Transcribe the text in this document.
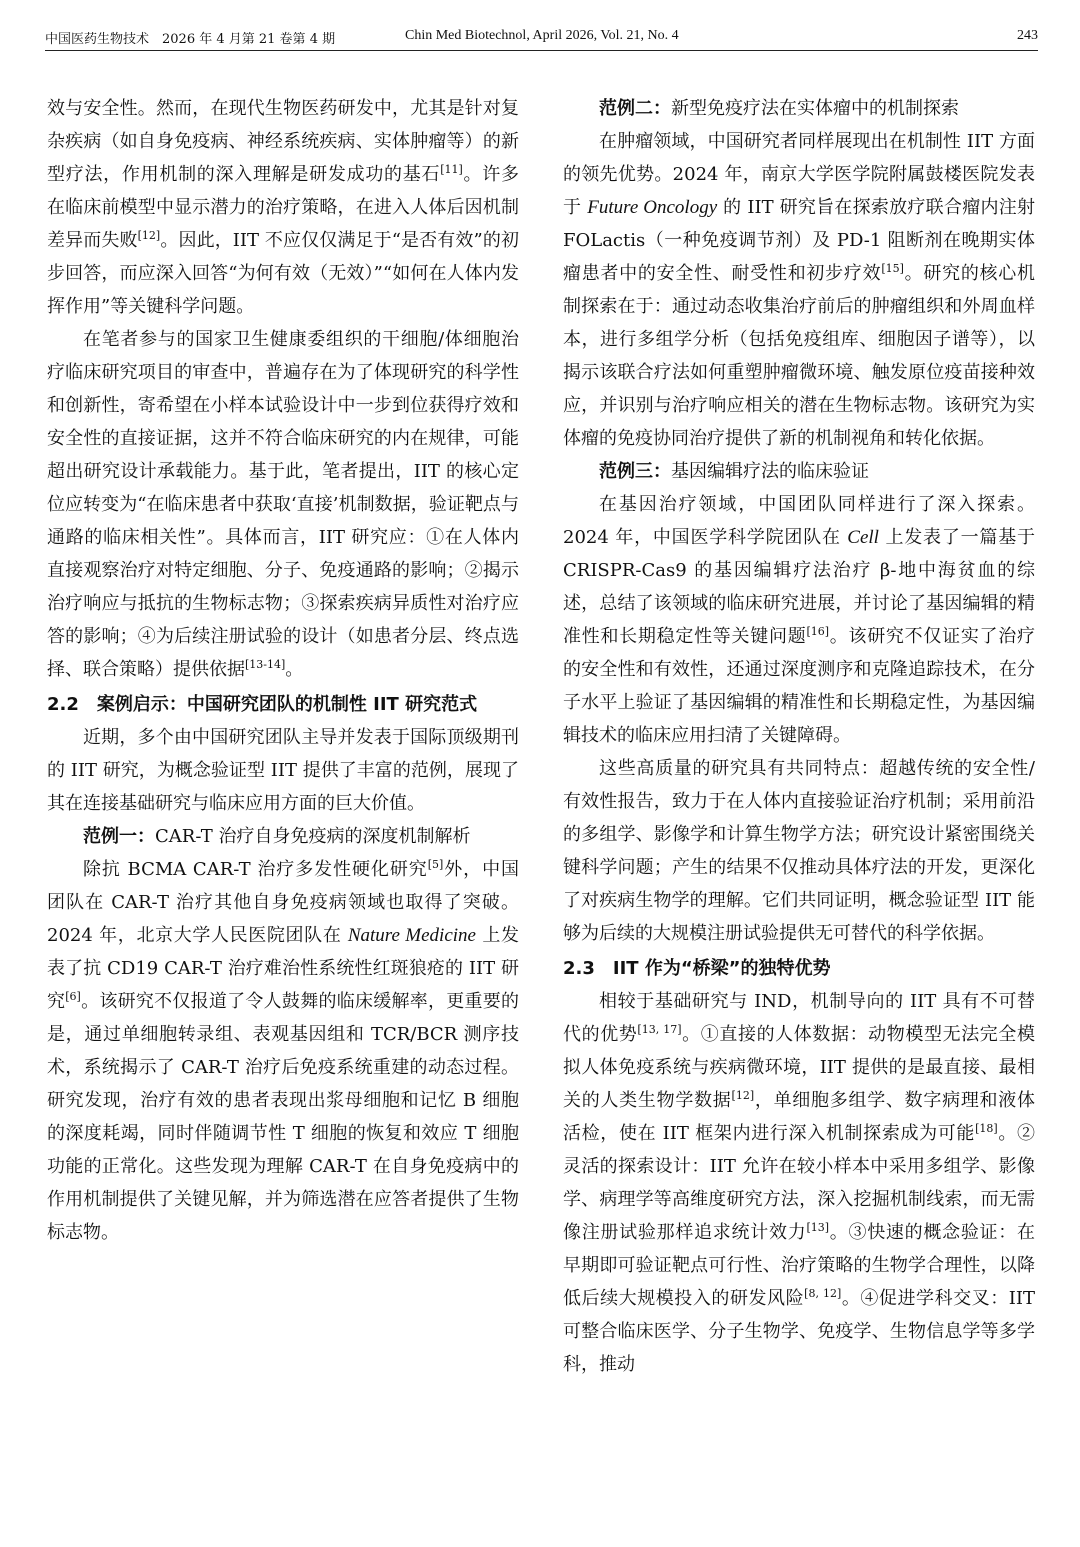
中国医药生物技术　2026 年 4 月第 21 卷第 4 期	Chin Med Biotechnol, April 2026, Vol. 21, No. 4	243

效与安全性。然而，在现代生物医药研发中，尤其是针对复杂疾病（如自身免疫病、神经系统疾病、实体肿瘤等）的新型疗法，作用机制的深入理解是研发成功的基石[11]。许多在临床前模型中显示潜力的治疗策略，在进入人体后因机制差异而失败[12]。因此，IIT 不应仅仅满足于“是否有效”的初步回答，而应深入回答“为何有效（无效）”“如何在人体内发挥作用”等关键科学问题。

在笔者参与的国家卫生健康委组织的干细胞/体细胞治疗临床研究项目的审查中，普遍存在为了体现研究的科学性和创新性，寄希望在小样本试验设计中一步到位获得疗效和安全性的直接证据，这并不符合临床研究的内在规律，可能超出研究设计承载能力。基于此，笔者提出，IIT 的核心定位应转变为“在临床患者中获取‘直接’机制数据，验证靶点与通路的临床相关性”。具体而言，IIT 研究应：①在人体内直接观察治疗对特定细胞、分子、免疫通路的影响；②揭示治疗响应与抵抗的生物标志物；③探索疾病异质性对治疗应答的影响；④为后续注册试验的设计（如患者分层、终点选择、联合策略）提供依据[13-14]。

2.2　案例启示：中国研究团队的机制性 IIT 研究范式

近期，多个由中国研究团队主导并发表于国际顶级期刊的 IIT 研究，为概念验证型 IIT 提供了丰富的范例，展现了其在连接基础研究与临床应用方面的巨大价值。

范例一：CAR-T 治疗自身免疫病的深度机制解析

除抗 BCMA CAR-T 治疗多发性硬化研究[5]外，中国团队在 CAR-T 治疗其他自身免疫病领域也取得了突破。2024 年，北京大学人民医院团队在 Nature Medicine 上发表了抗 CD19 CAR-T 治疗难治性系统性红斑狼疮的 IIT 研究[6]。该研究不仅报道了令人鼓舞的临床缓解率，更重要的是，通过单细胞转录组、表观基因组和 TCR/BCR 测序技术，系统揭示了 CAR-T 治疗后免疫系统重建的动态过程。研究发现，治疗有效的患者表现出浆母细胞和记忆 B 细胞的深度耗竭，同时伴随调节性 T 细胞的恢复和效应 T 细胞功能的正常化。这些发现为理解 CAR-T 在自身免疫病中的作用机制提供了关键见解，并为筛选潜在应答者提供了生物标志物。

范例二：新型免疫疗法在实体瘤中的机制探索

在肿瘤领域，中国研究者同样展现出在机制性 IIT 方面的领先优势。2024 年，南京大学医学院附属鼓楼医院发表于 Future Oncology 的 IIT 研究旨在探索放疗联合瘤内注射 FOLactis（一种免疫调节剂）及 PD-1 阻断剂在晚期实体瘤患者中的安全性、耐受性和初步疗效[15]。研究的核心机制探索在于：通过动态收集治疗前后的肿瘤组织和外周血样本，进行多组学分析（包括免疫组库、细胞因子谱等），以揭示该联合疗法如何重塑肿瘤微环境、触发原位疫苗接种效应，并识别与治疗响应相关的潜在生物标志物。该研究为实体瘤的免疫协同治疗提供了新的机制视角和转化依据。

范例三：基因编辑疗法的临床验证

在基因治疗领域，中国团队同样进行了深入探索。2024 年，中国医学科学院团队在 Cell 上发表了一篇基于 CRISPR-Cas9 的基因编辑疗法治疗 β-地中海贫血的综述，总结了该领域的临床研究进展，并讨论了基因编辑的精准性和长期稳定性等关键问题[16]。该研究不仅证实了治疗的安全性和有效性，还通过深度测序和克隆追踪技术，在分子水平上验证了基因编辑的精准性和长期稳定性，为基因编辑技术的临床应用扫清了关键障碍。

这些高质量的研究具有共同特点：超越传统的安全性/有效性报告，致力于在人体内直接验证治疗机制；采用前沿的多组学、影像学和计算生物学方法；研究设计紧密围绕关键科学问题；产生的结果不仅推动具体疗法的开发，更深化了对疾病生物学的理解。它们共同证明，概念验证型 IIT 能够为后续的大规模注册试验提供无可替代的科学依据。

2.3　IIT 作为“桥梁”的独特优势

相较于基础研究与 IND，机制导向的 IIT 具有不可替代的优势[13, 17]。①直接的人体数据：动物模型无法完全模拟人体免疫系统与疾病微环境，IIT 提供的是最直接、最相关的人类生物学数据[12]，单细胞多组学、数字病理和液体活检，使在 IIT 框架内进行深入机制探索成为可能[18]。②灵活的探索设计：IIT 允许在较小样本中采用多组学、影像学、病理学等高维度研究方法，深入挖掘机制线索，而无需像注册试验那样追求统计效力[13]。③快速的概念验证：在早期即可验证靶点可行性、治疗策略的生物学合理性，以降低后续大规模投入的研发风险[8, 12]。④促进学科交叉：IIT 可整合临床医学、分子生物学、免疫学、生物信息学等多学科，推动
